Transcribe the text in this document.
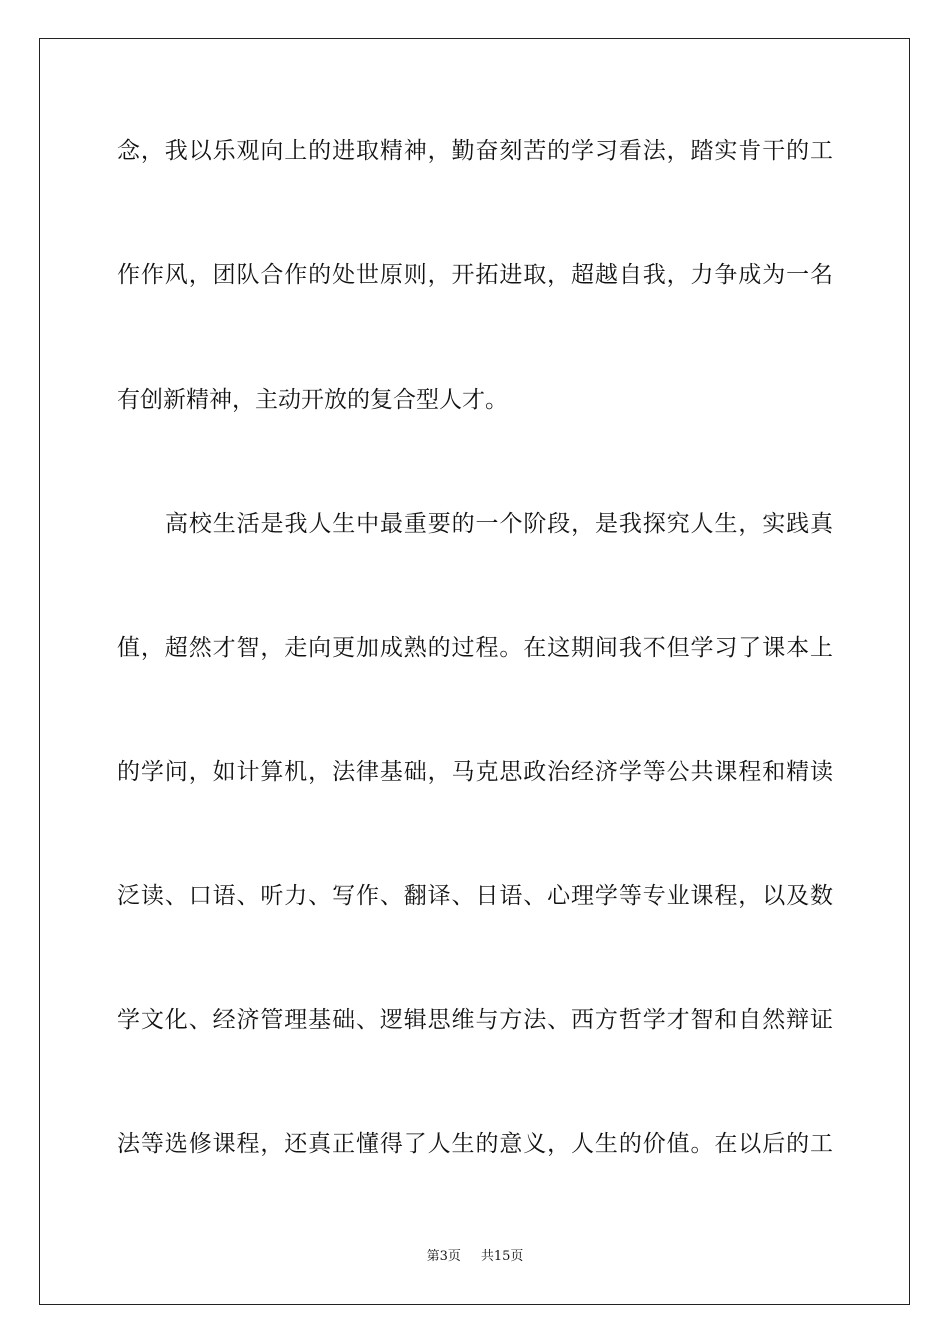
念，我以乐观向上的进取精神，勤奋刻苦的学习看法，踏实肯干的工
作作风，团队合作的处世原则，开拓进取，超越自我，力争成为一名
有创新精神，主动开放的复合型人才。
高校生活是我人生中最重要的一个阶段，是我探究人生，实践真
值，超然才智，走向更加成熟的过程。在这期间我不但学习了课本上
的学问，如计算机，法律基础，马克思政治经济学等公共课程和精读
泛读、口语、听力、写作、翻译、日语、心理学等专业课程，以及数
学文化、经济管理基础、逻辑思维与方法、西方哲学才智和自然辩证
法等选修课程，还真正懂得了人生的意义，人生的价值。在以后的工
第3页 共15页
